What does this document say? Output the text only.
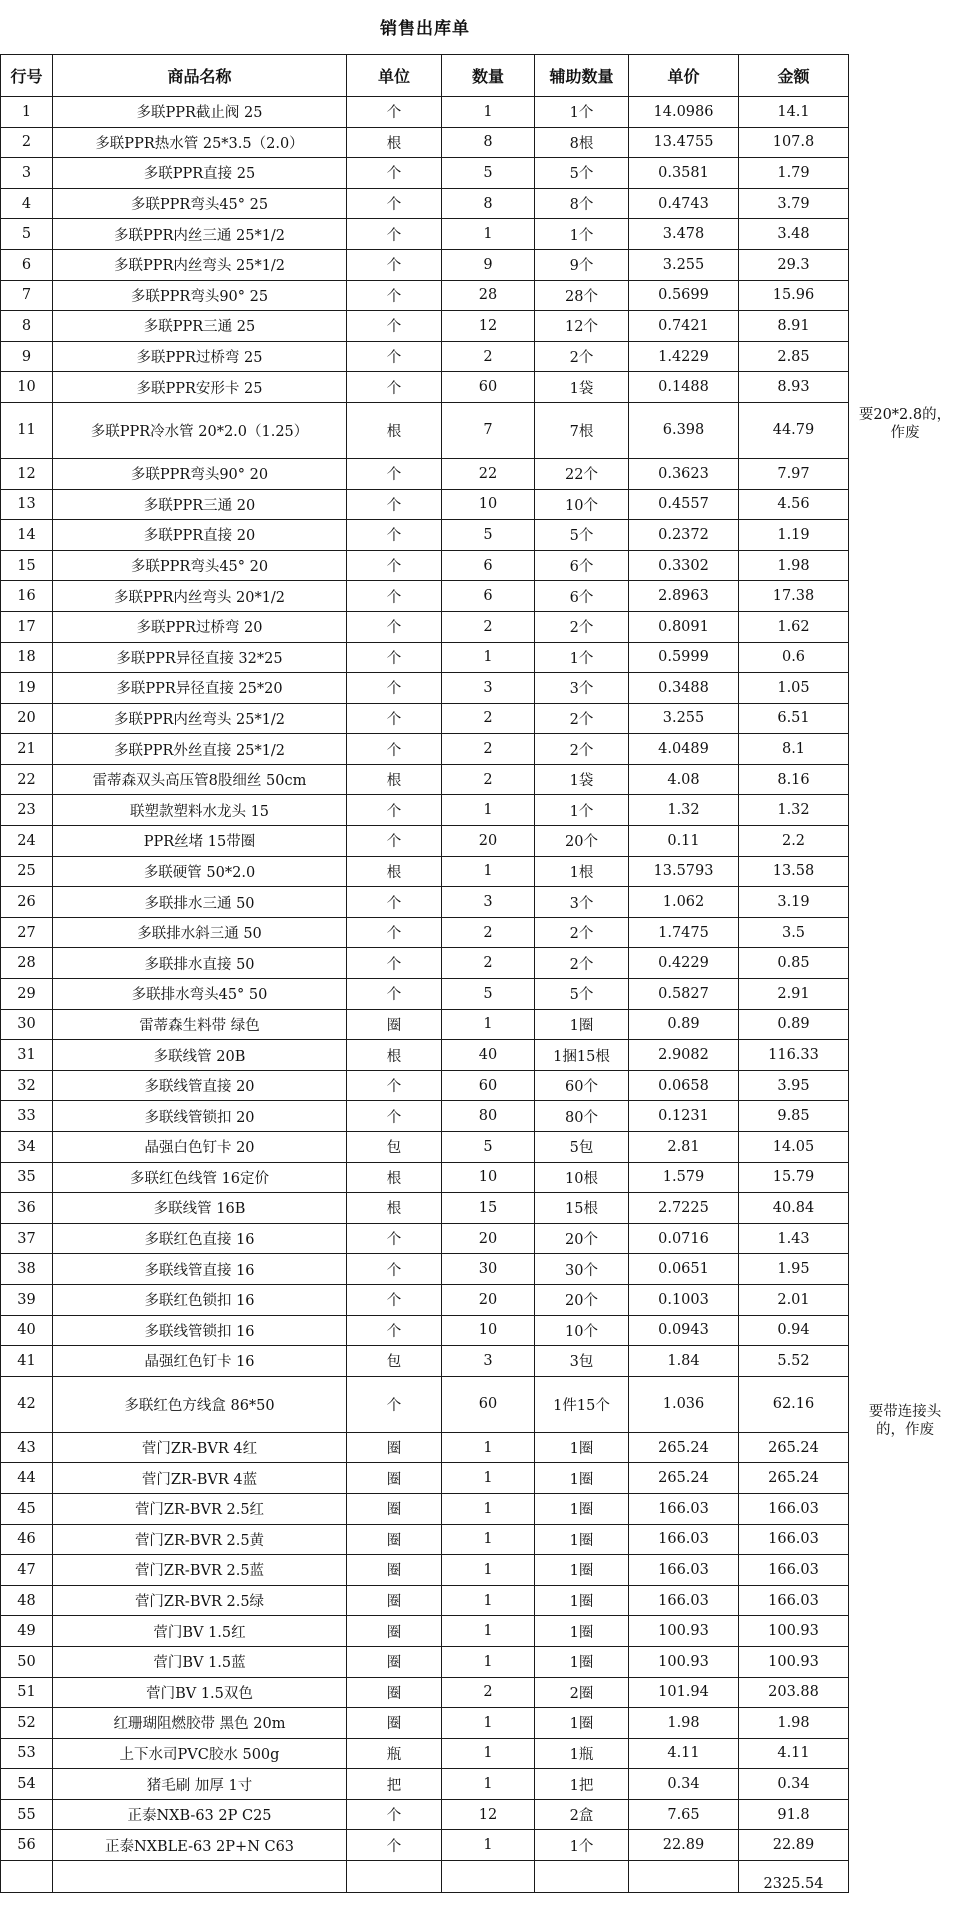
销售出库单
行号	商品名称	单位	数量	辅助数量	单价	金额
1	多联PPR截止阀 25	个	1	1个	14.0986	14.1
2	多联PPR热水管 25*3.5（2.0）	根	8	8根	13.4755	107.8
3	多联PPR直接 25	个	5	5个	0.3581	1.79
4	多联PPR弯头45° 25	个	8	8个	0.4743	3.79
5	多联PPR内丝三通 25*1/2	个	1	1个	3.478	3.48
6	多联PPR内丝弯头 25*1/2	个	9	9个	3.255	29.3
7	多联PPR弯头90° 25	个	28	28个	0.5699	15.96
8	多联PPR三通 25	个	12	12个	0.7421	8.91
9	多联PPR过桥弯 25	个	2	2个	1.4229	2.85
10	多联PPR安形卡 25	个	60	1袋	0.1488	8.93
11	多联PPR冷水管 20*2.0（1.25）	根	7	7根	6.398	44.79
12	多联PPR弯头90° 20	个	22	22个	0.3623	7.97
13	多联PPR三通 20	个	10	10个	0.4557	4.56
14	多联PPR直接 20	个	5	5个	0.2372	1.19
15	多联PPR弯头45° 20	个	6	6个	0.3302	1.98
16	多联PPR内丝弯头 20*1/2	个	6	6个	2.8963	17.38
17	多联PPR过桥弯 20	个	2	2个	0.8091	1.62
18	多联PPR异径直接 32*25	个	1	1个	0.5999	0.6
19	多联PPR异径直接 25*20	个	3	3个	0.3488	1.05
20	多联PPR内丝弯头 25*1/2	个	2	2个	3.255	6.51
21	多联PPR外丝直接 25*1/2	个	2	2个	4.0489	8.1
22	雷蒂森双头高压管8股细丝 50cm	根	2	1袋	4.08	8.16
23	联塑款塑料水龙头 15	个	1	1个	1.32	1.32
24	PPR丝堵 15带圈	个	20	20个	0.11	2.2
25	多联硬管 50*2.0	根	1	1根	13.5793	13.58
26	多联排水三通 50	个	3	3个	1.062	3.19
27	多联排水斜三通 50	个	2	2个	1.7475	3.5
28	多联排水直接 50	个	2	2个	0.4229	0.85
29	多联排水弯头45° 50	个	5	5个	0.5827	2.91
30	雷蒂森生料带 绿色	圈	1	1圈	0.89	0.89
31	多联线管 20B	根	40	1捆15根	2.9082	116.33
32	多联线管直接 20	个	60	60个	0.0658	3.95
33	多联线管锁扣 20	个	80	80个	0.1231	9.85
34	晶强白色钉卡 20	包	5	5包	2.81	14.05
35	多联红色线管 16定价	根	10	10根	1.579	15.79
36	多联线管 16B	根	15	15根	2.7225	40.84
37	多联红色直接 16	个	20	20个	0.0716	1.43
38	多联线管直接 16	个	30	30个	0.0651	1.95
39	多联红色锁扣 16	个	20	20个	0.1003	2.01
40	多联线管锁扣 16	个	10	10个	0.0943	0.94
41	晶强红色钉卡 16	包	3	3包	1.84	5.52
42	多联红色方线盒 86*50	个	60	1件15个	1.036	62.16
43	菅门ZR-BVR 4红	圈	1	1圈	265.24	265.24
44	菅门ZR-BVR 4蓝	圈	1	1圈	265.24	265.24
45	菅门ZR-BVR 2.5红	圈	1	1圈	166.03	166.03
46	菅门ZR-BVR 2.5黄	圈	1	1圈	166.03	166.03
47	菅门ZR-BVR 2.5蓝	圈	1	1圈	166.03	166.03
48	菅门ZR-BVR 2.5绿	圈	1	1圈	166.03	166.03
49	菅门BV 1.5红	圈	1	1圈	100.93	100.93
50	菅门BV 1.5蓝	圈	1	1圈	100.93	100.93
51	菅门BV 1.5双色	圈	2	2圈	101.94	203.88
52	红珊瑚阻燃胶带 黑色 20m	圈	1	1圈	1.98	1.98
53	上下水司PVC胶水 500g	瓶	1	1瓶	4.11	4.11
54	猪毛刷 加厚 1寸	把	1	1把	0.34	0.34
55	正泰NXB-63 2P C25	个	12	2盒	7.65	91.8
56	正泰NXBLE-63 2P+N C63	个	1	1个	22.89	22.89
						2325.54
要20*2.8的，作废
要带连接头的，作废
